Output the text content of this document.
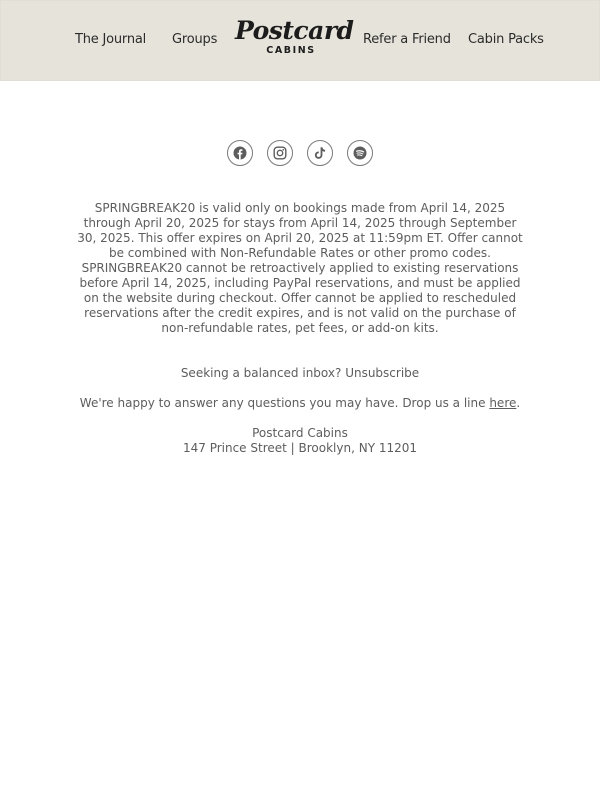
The Journal Groups Postcard
CABINS
Refer a Friend Cabin Packs

SPRINGBREAK20 is valid only on bookings made from April 14, 2025 through April 20, 2025 for stays from April 14, 2025 through September 30, 2025. This offer expires on April 20, 2025 at 11:59pm ET. Offer cannot be combined with Non-Refundable Rates or other promo codes. SPRINGBREAK20 cannot be retroactively applied to existing reservations before April 14, 2025, including PayPal reservations, and must be applied on the website during checkout. Offer cannot be applied to rescheduled reservations after the credit expires, and is not valid on the purchase of non-refundable rates, pet fees, or add-on kits.

Seeking a balanced inbox? Unsubscribe

We're happy to answer any questions you may have. Drop us a line here.

Postcard Cabins
147 Prince Street | Brooklyn, NY 11201
